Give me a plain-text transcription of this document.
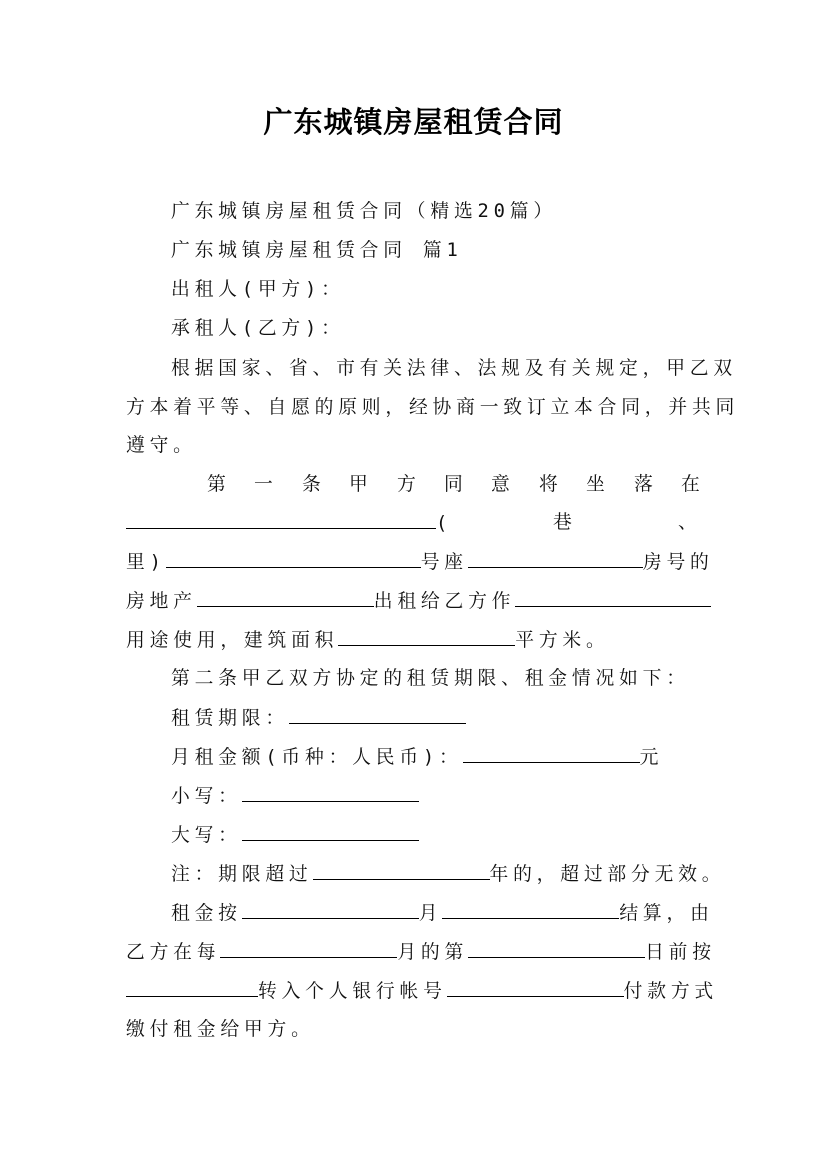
广东城镇房屋租赁合同
广东城镇房屋租赁合同（精选20篇）
广东城镇房屋租赁合同 篇1
出租人(甲方)：
承租人(乙方)：
根据国家、省、市有关法律、法规及有关规定，甲乙双
方本着平等、自愿的原则，经协商一致订立本合同，并共同
遵守。
第 一 条 甲 方 同 意 将 坐 落 在
(	巷	、
里)	号座	房号的
房地产	出租给乙方作
用途使用，建筑面积	平方米。
第二条甲乙双方协定的租赁期限、租金情况如下：
租赁期限：
月租金额(币种：人民币)：	元
小写：
大写：
注：期限超过	年的，超过部分无效。
租金按	月	结算，由
乙方在每	月的第	日前按
转入个人银行帐号	付款方式
缴付租金给甲方。
